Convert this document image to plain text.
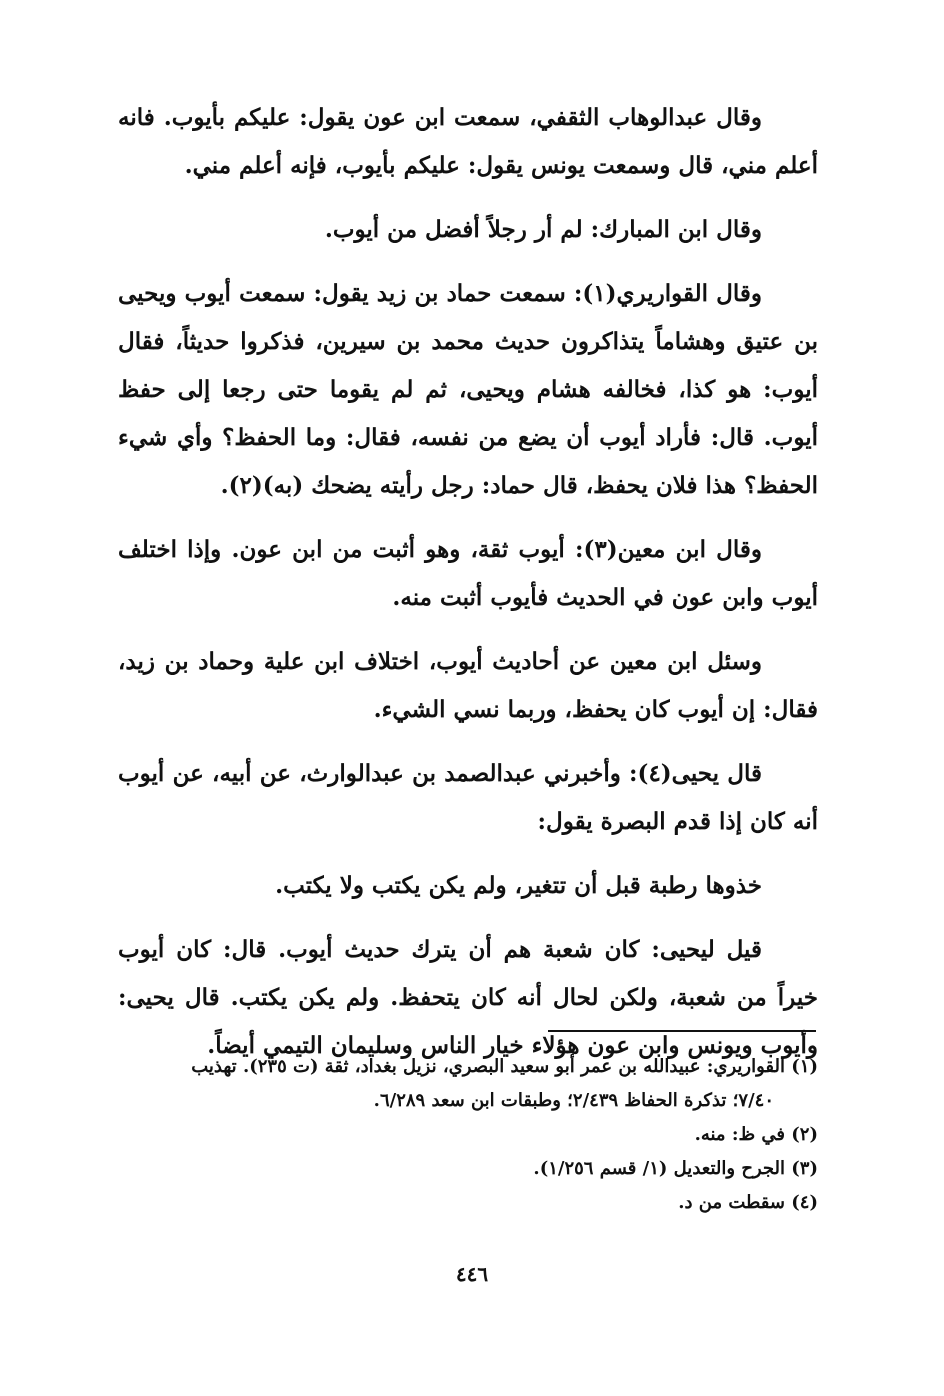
وقال عبدالوهاب الثقفي، سمعت ابن عون يقول: عليكم بأيوب. فانه أعلم مني، قال وسمعت يونس يقول: عليكم بأيوب، فإنه أعلم مني.

وقال ابن المبارك: لم أر رجلاً أفضل من أيوب.

وقال القواريري(١): سمعت حماد بن زيد يقول: سمعت أيوب ويحيى بن عتيق وهشاماً يتذاكرون حديث محمد بن سيرين، فذكروا حديثاً، فقال أيوب: هو كذا، فخالفه هشام ويحيى، ثم لم يقوما حتى رجعا إلى حفظ أيوب. قال: فأراد أيوب أن يضع من نفسه، فقال: وما الحفظ؟ وأي شيء الحفظ؟ هذا فلان يحفظ، قال حماد: رجل رأيته يضحك (به)(٢).

وقال ابن معين(٣): أيوب ثقة، وهو أثبت من ابن عون. وإذا اختلف أيوب وابن عون في الحديث فأيوب أثبت منه.

وسئل ابن معين عن أحاديث أيوب، اختلاف ابن علية وحماد بن زيد، فقال: إن أيوب كان يحفظ، وربما نسي الشيء.

قال يحيى(٤): وأخبرني عبدالصمد بن عبدالوارث، عن أبيه، عن أيوب أنه كان إذا قدم البصرة يقول:

خذوها رطبة قبل أن تتغير، ولم يكن يكتب ولا يكتب.

قيل ليحيى: كان شعبة هم أن يترك حديث أيوب. قال: كان أيوب خيراً من شعبة، ولكن لحال أنه كان يتحفظ. ولم يكن يكتب. قال يحيى: وأيوب ويونس وابن عون هؤلاء خيار الناس وسليمان التيمي أيضاً.

(١) القواريري: عبيدالله بن عمر أبو سعيد البصري، نزيل بغداد، ثقة (ت ٢٣٥). تهذيب
٧/٤٠؛ تذكرة الحفاظ ٢/٤٣٩؛ وطبقات ابن سعد ٦/٢٨٩.

(٢) في ظ: منه.

(٣) الجرح والتعديل (١/ قسم ١/٢٥٦).

(٤) سقطت من د.

٤٤٦
